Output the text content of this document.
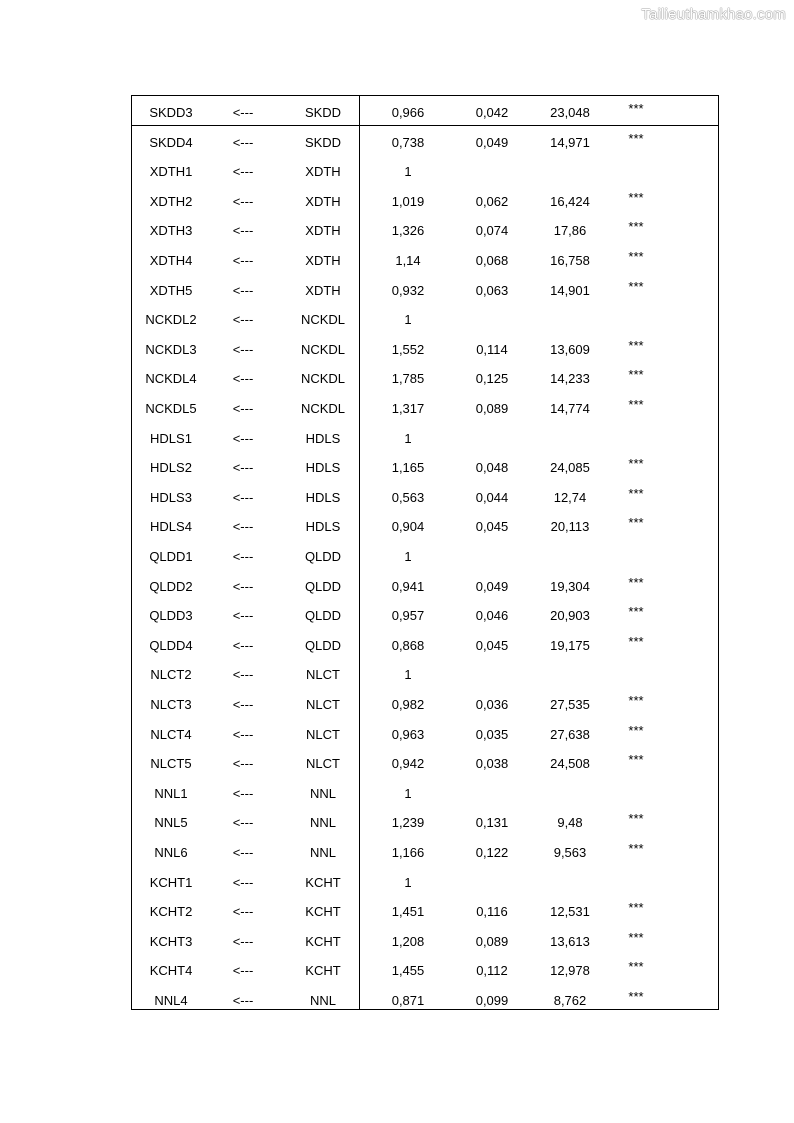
Tailieuthamkhao.com
SKDD3	<---	SKDD	0,966	0,042	23,048	***
SKDD4	<---	SKDD	0,738	0,049	14,971	***
XDTH1	<---	XDTH	1
XDTH2	<---	XDTH	1,019	0,062	16,424	***
XDTH3	<---	XDTH	1,326	0,074	17,86	***
XDTH4	<---	XDTH	1,14	0,068	16,758	***
XDTH5	<---	XDTH	0,932	0,063	14,901	***
NCKDL2	<---	NCKDL	1
NCKDL3	<---	NCKDL	1,552	0,114	13,609	***
NCKDL4	<---	NCKDL	1,785	0,125	14,233	***
NCKDL5	<---	NCKDL	1,317	0,089	14,774	***
HDLS1	<---	HDLS	1
HDLS2	<---	HDLS	1,165	0,048	24,085	***
HDLS3	<---	HDLS	0,563	0,044	12,74	***
HDLS4	<---	HDLS	0,904	0,045	20,113	***
QLDD1	<---	QLDD	1
QLDD2	<---	QLDD	0,941	0,049	19,304	***
QLDD3	<---	QLDD	0,957	0,046	20,903	***
QLDD4	<---	QLDD	0,868	0,045	19,175	***
NLCT2	<---	NLCT	1
NLCT3	<---	NLCT	0,982	0,036	27,535	***
NLCT4	<---	NLCT	0,963	0,035	27,638	***
NLCT5	<---	NLCT	0,942	0,038	24,508	***
NNL1	<---	NNL	1
NNL5	<---	NNL	1,239	0,131	9,48	***
NNL6	<---	NNL	1,166	0,122	9,563	***
KCHT1	<---	KCHT	1
KCHT2	<---	KCHT	1,451	0,116	12,531	***
KCHT3	<---	KCHT	1,208	0,089	13,613	***
KCHT4	<---	KCHT	1,455	0,112	12,978	***
NNL4	<---	NNL	0,871	0,099	8,762	***
